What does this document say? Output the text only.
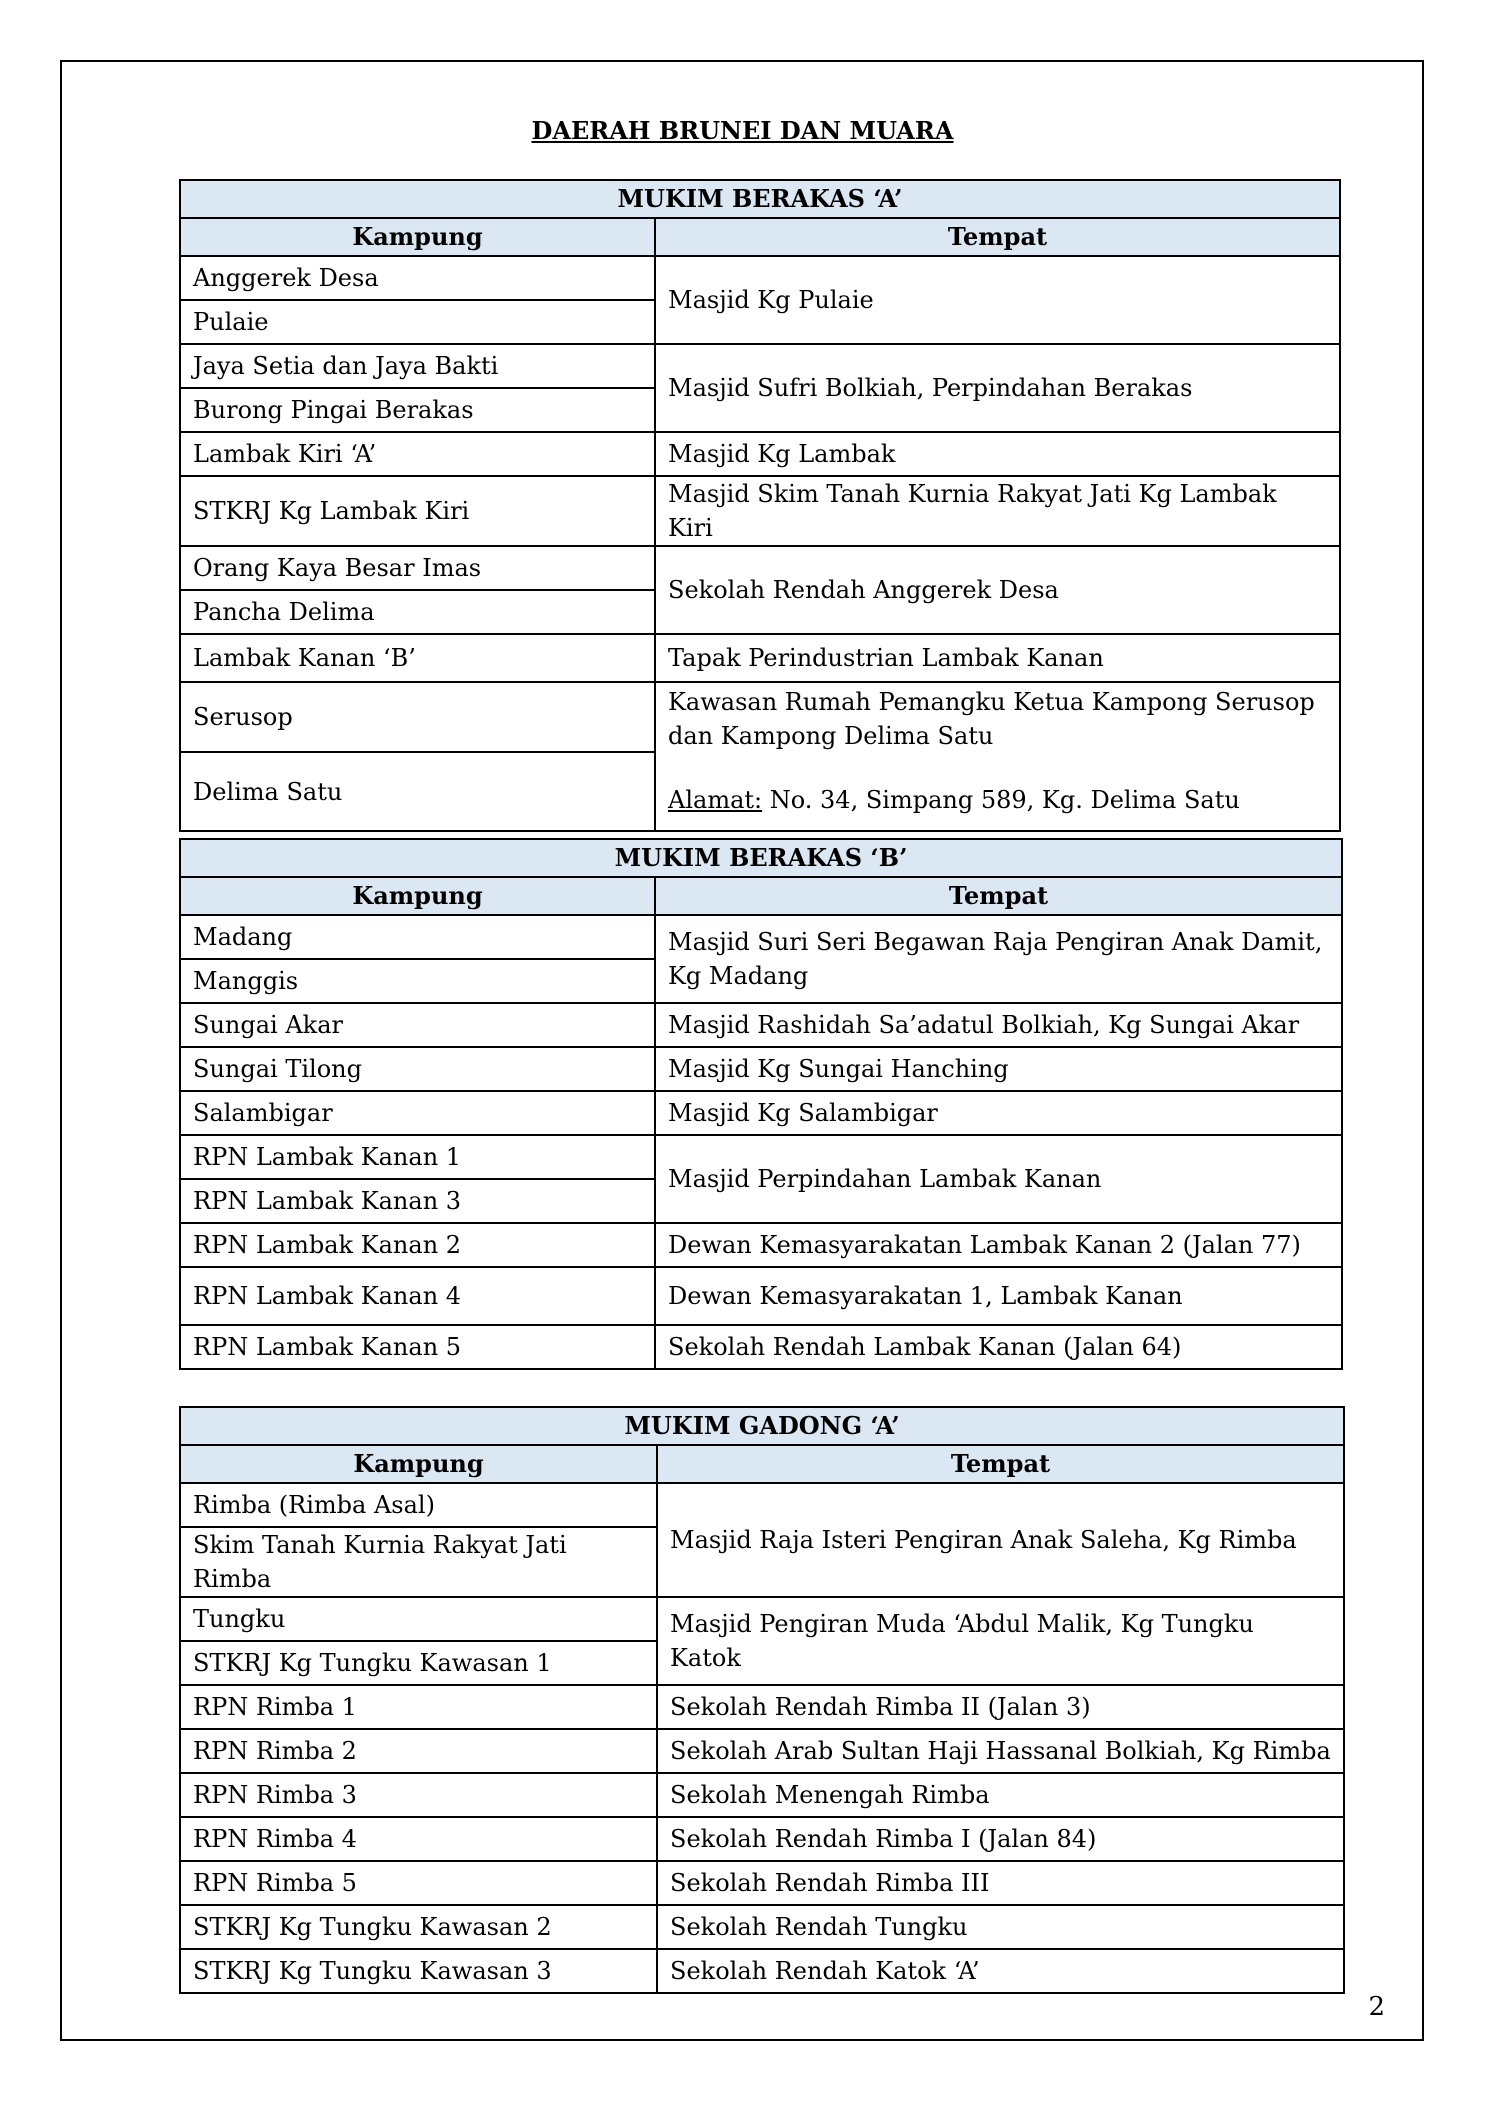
DAERAH BRUNEI DAN MUARA
MUKIM BERAKAS ‘A’	
Kampung	Tempat
Anggerek Desa	Masjid Kg Pulaie
Pulaie	
Jaya Setia dan Jaya Bakti	Masjid Sufri Bolkiah, Perpindahan Berakas
Burong Pingai Berakas	
Lambak Kiri ‘A’	Masjid Kg Lambak
STKRJ Kg Lambak Kiri	Masjid Skim Tanah Kurnia Rakyat Jati Kg Lambak Kiri
Orang Kaya Besar Imas	Sekolah Rendah Anggerek Desa
Pancha Delima	
Lambak Kanan ‘B’	Tapak Perindustrian Lambak Kanan
Serusop	Kawasan Rumah Pemangku Ketua Kampong Serusop dan Kampong Delima Satu
Alamat: No. 34, Simpang 589, Kg. Delima Satu
Delima Satu	
MUKIM BERAKAS ‘B’	
Kampung	Tempat
Madang	Masjid Suri Seri Begawan Raja Pengiran Anak Damit, Kg Madang
Manggis	
Sungai Akar	Masjid Rashidah Sa’adatul Bolkiah, Kg Sungai Akar
Sungai Tilong	Masjid Kg Sungai Hanching
Salambigar	Masjid Kg Salambigar
RPN Lambak Kanan 1	Masjid Perpindahan Lambak Kanan
RPN Lambak Kanan 3	
RPN Lambak Kanan 2	Dewan Kemasyarakatan Lambak Kanan 2 (Jalan 77)
RPN Lambak Kanan 4	Dewan Kemasyarakatan 1, Lambak Kanan
RPN Lambak Kanan 5	Sekolah Rendah Lambak Kanan (Jalan 64)
MUKIM GADONG ‘A’	
Kampung	Tempat
Rimba (Rimba Asal)	Masjid Raja Isteri Pengiran Anak Saleha, Kg Rimba
Skim Tanah Kurnia Rakyat Jati Rimba	
Tungku	Masjid Pengiran Muda ‘Abdul Malik, Kg Tungku Katok
STKRJ Kg Tungku Kawasan 1	
RPN Rimba 1	Sekolah Rendah Rimba II (Jalan 3)
RPN Rimba 2	Sekolah Arab Sultan Haji Hassanal Bolkiah, Kg Rimba
RPN Rimba 3	Sekolah Menengah Rimba
RPN Rimba 4	Sekolah Rendah Rimba I (Jalan 84)
RPN Rimba 5	Sekolah Rendah Rimba III
STKRJ Kg Tungku Kawasan 2	Sekolah Rendah Tungku
STKRJ Kg Tungku Kawasan 3	Sekolah Rendah Katok ‘A’
2
